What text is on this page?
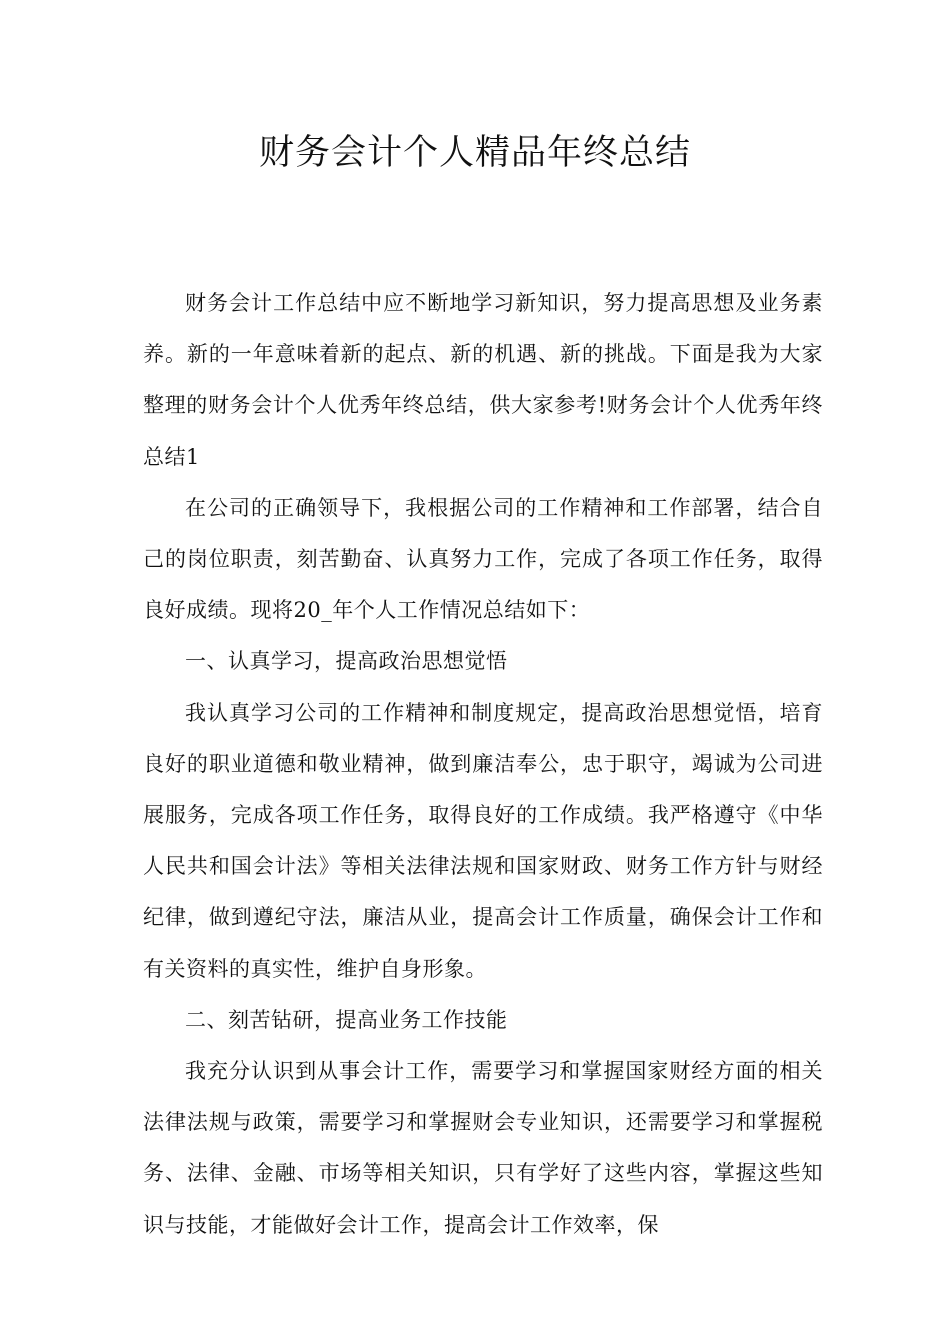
财务会计个人精品年终总结

财务会计工作总结中应不断地学习新知识，努力提高思想及业务素养。新的一年意味着新的起点、新的机遇、新的挑战。下面是我为大家整理的财务会计个人优秀年终总结，供大家参考!财务会计个人优秀年终总结1

在公司的正确领导下，我根据公司的工作精神和工作部署，结合自己的岗位职责，刻苦勤奋、认真努力工作，完成了各项工作任务，取得良好成绩。现将20_年个人工作情况总结如下：

一、认真学习，提高政治思想觉悟

我认真学习公司的工作精神和制度规定，提高政治思想觉悟，培育良好的职业道德和敬业精神，做到廉洁奉公，忠于职守，竭诚为公司进展服务，完成各项工作任务，取得良好的工作成绩。我严格遵守《中华人民共和国会计法》等相关法律法规和国家财政、财务工作方针与财经纪律，做到遵纪守法，廉洁从业，提高会计工作质量，确保会计工作和有关资料的真实性，维护自身形象。

二、刻苦钻研，提高业务工作技能

我充分认识到从事会计工作，需要学习和掌握国家财经方面的相关法律法规与政策，需要学习和掌握财会专业知识，还需要学习和掌握税务、法律、金融、市场等相关知识，只有学好了这些内容，掌握这些知识与技能，才能做好会计工作，提高会计工作效率，保
